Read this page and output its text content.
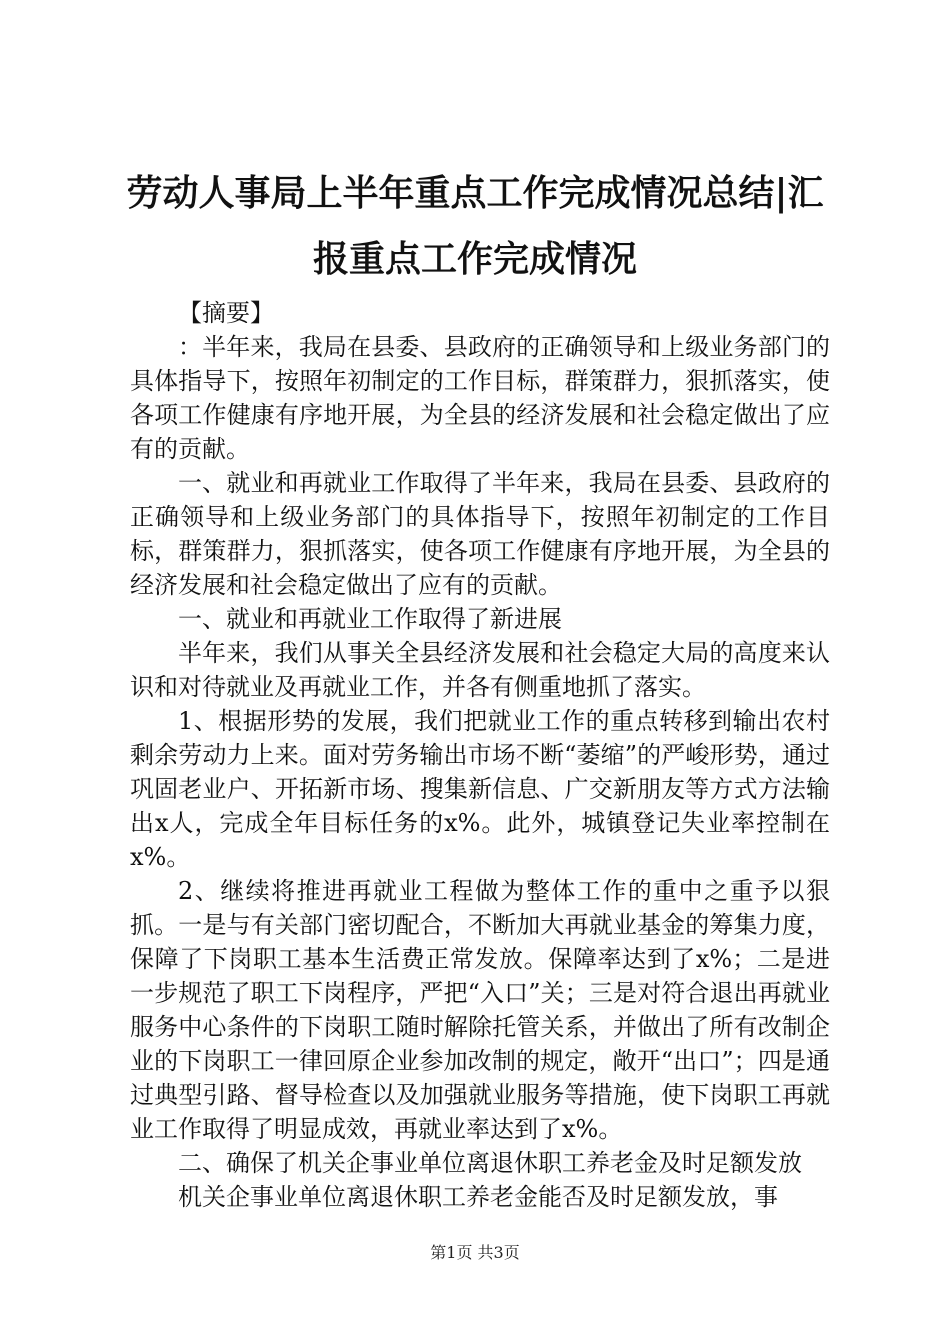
劳动人事局上半年重点工作完成情况总结|汇报重点工作完成情况

【摘要】

：半年来，我局在县委、县政府的正确领导和上级业务部门的具体指导下，按照年初制定的工作目标，群策群力，狠抓落实，使各项工作健康有序地开展，为全县的经济发展和社会稳定做出了应有的贡献。

一、就业和再就业工作取得了半年来，我局在县委、县政府的正确领导和上级业务部门的具体指导下，按照年初制定的工作目标，群策群力，狠抓落实，使各项工作健康有序地开展，为全县的经济发展和社会稳定做出了应有的贡献。

一、就业和再就业工作取得了新进展

半年来，我们从事关全县经济发展和社会稳定大局的高度来认识和对待就业及再就业工作，并各有侧重地抓了落实。

1、根据形势的发展，我们把就业工作的重点转移到输出农村剩余劳动力上来。面对劳务输出市场不断“萎缩”的严峻形势，通过巩固老业户、开拓新市场、搜集新信息、广交新朋友等方式方法输出x人，完成全年目标任务的x%。此外，城镇登记失业率控制在x%。

2、继续将推进再就业工程做为整体工作的重中之重予以狠抓。一是与有关部门密切配合，不断加大再就业基金的筹集力度，保障了下岗职工基本生活费正常发放。保障率达到了x%；二是进一步规范了职工下岗程序，严把“入口”关；三是对符合退出再就业服务中心条件的下岗职工随时解除托管关系，并做出了所有改制企业的下岗职工一律回原企业参加改制的规定，敞开“出口”；四是通过典型引路、督导检查以及加强就业服务等措施，使下岗职工再就业工作取得了明显成效，再就业率达到了x%。

二、确保了机关企事业单位离退休职工养老金及时足额发放

机关企事业单位离退休职工养老金能否及时足额发放，事

第1页 共3页
